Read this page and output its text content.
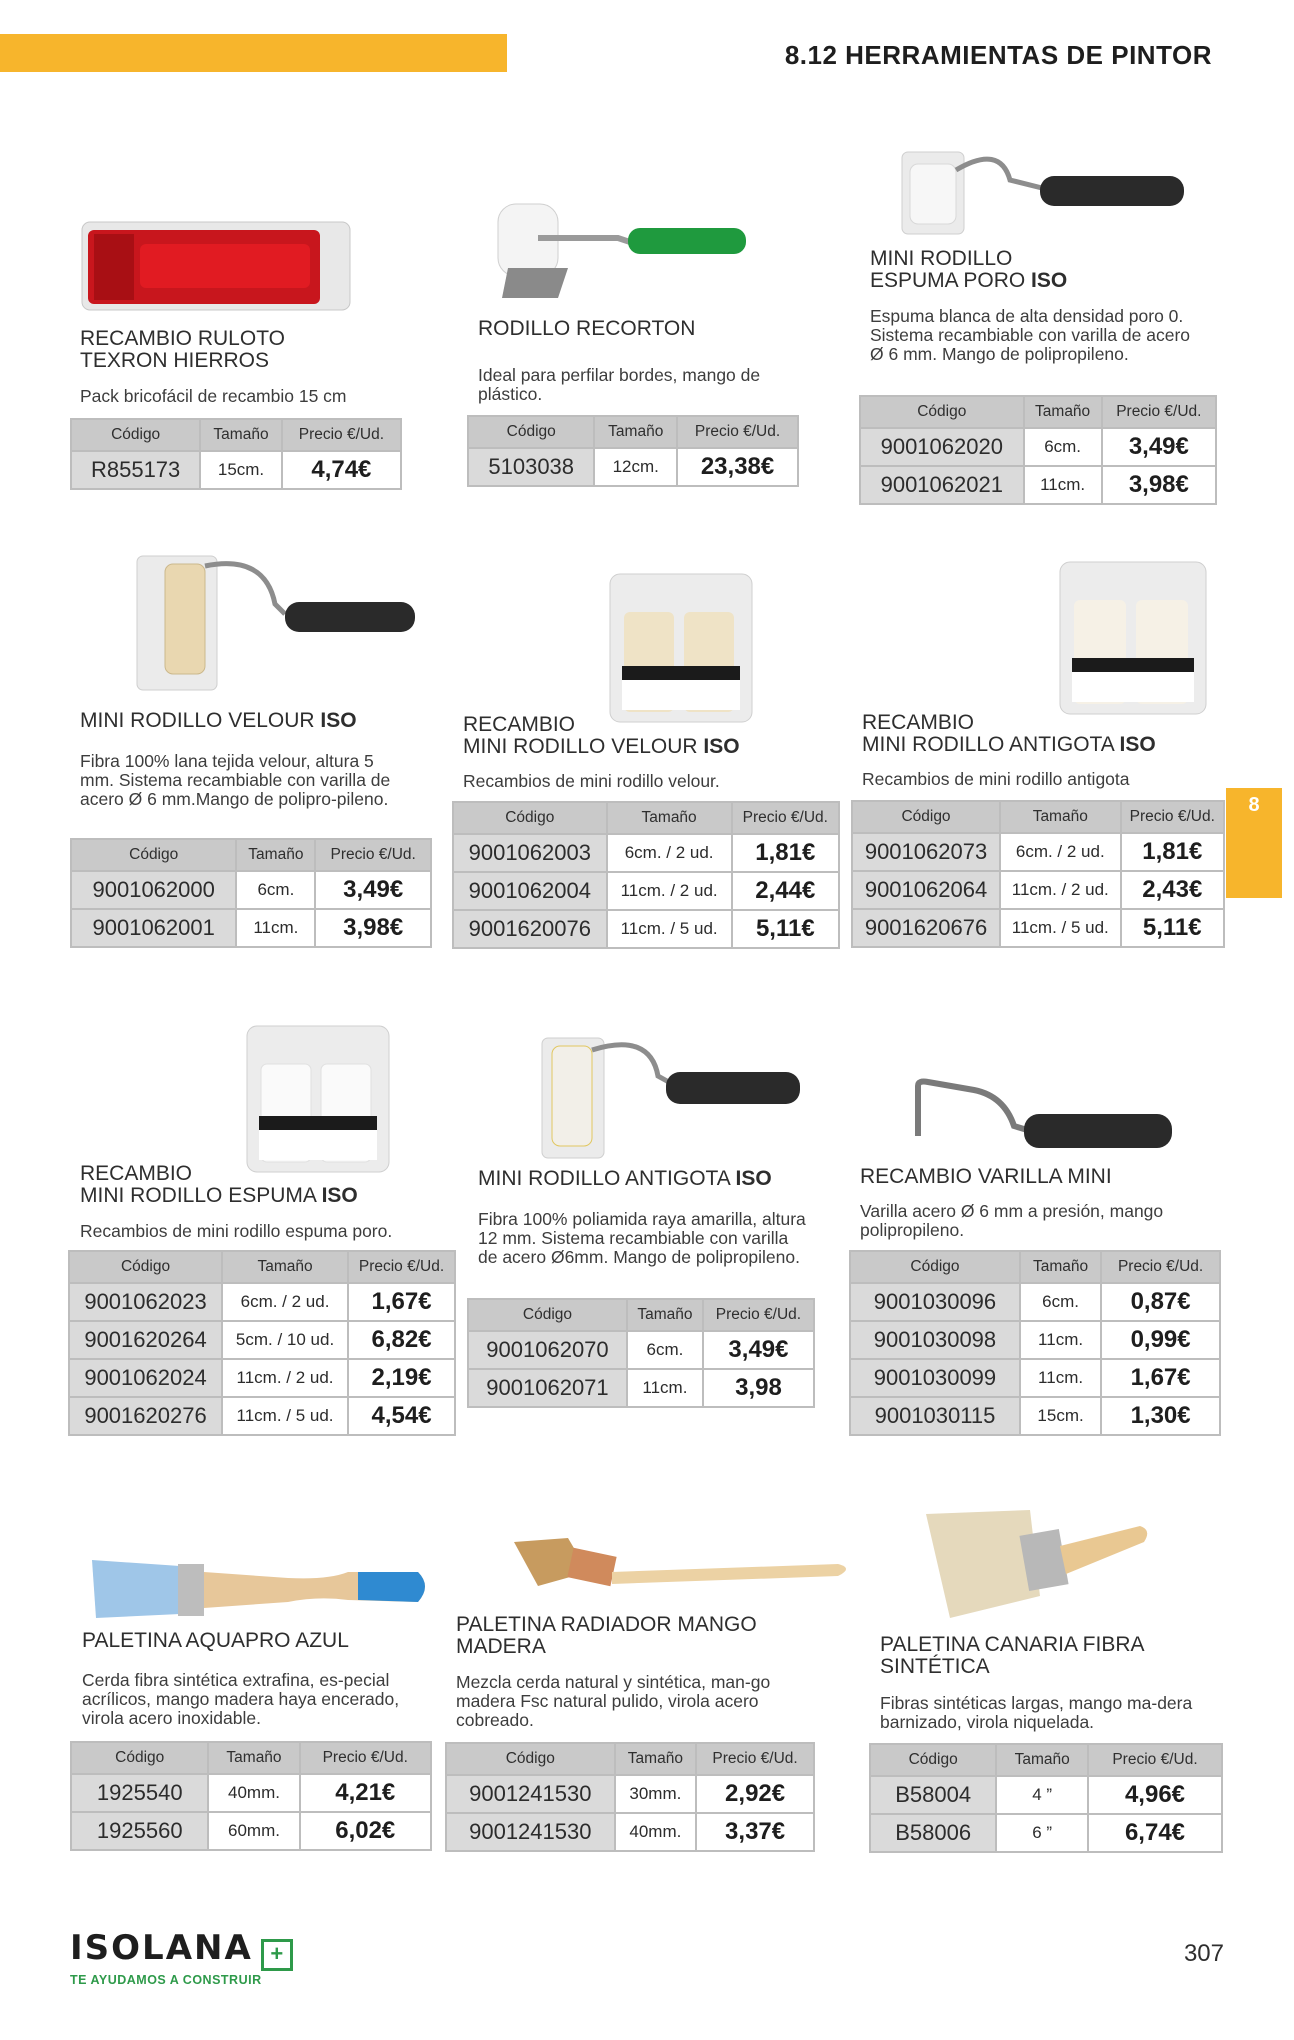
8.12 HERRAMIENTAS DE PINTOR
8
RECAMBIO RULOTO
TEXRON HIERROS
Pack bricofácil de recambio 15 cm
Código	Tamaño	Precio €/Ud.
R855173	15cm.	4,74€
RODILLO RECORTON
Ideal para perfilar bordes, mango de plástico.
Código	Tamaño	Precio €/Ud.
5103038	12cm.	23,38€
MINI RODILLO
ESPUMA PORO ISO
Espuma blanca de alta densidad poro 0. Sistema recambiable con varilla de acero Ø 6 mm. Mango de polipropileno.
Código	Tamaño	Precio €/Ud.
9001062020	6cm.	3,49€
9001062021	11cm.	3,98€
MINI RODILLO VELOUR ISO
Fibra 100% lana tejida velour, altura 5 mm. Sistema recambiable con varilla de acero Ø 6 mm.Mango de polipro-pileno.
Código	Tamaño	Precio €/Ud.
9001062000	6cm.	3,49€
9001062001	11cm.	3,98€
RECAMBIO
MINI RODILLO VELOUR ISO
Recambios de mini rodillo velour.
Código	Tamaño	Precio €/Ud.
9001062003	6cm. / 2 ud.	1,81€
9001062004	11cm. / 2 ud.	2,44€
9001620076	11cm. / 5 ud.	5,11€
RECAMBIO
MINI RODILLO ANTIGOTA ISO
Recambios de mini rodillo antigota
Código	Tamaño	Precio €/Ud.
9001062073	6cm. / 2 ud.	1,81€
9001062064	11cm. / 2 ud.	2,43€
9001620676	11cm. / 5 ud.	5,11€
RECAMBIO
MINI RODILLO ESPUMA ISO
Recambios de mini rodillo espuma poro.
Código	Tamaño	Precio €/Ud.
9001062023	6cm. / 2 ud.	1,67€
9001620264	5cm. / 10 ud.	6,82€
9001062024	11cm. / 2 ud.	2,19€
9001620276	11cm. / 5 ud.	4,54€
MINI RODILLO ANTIGOTA ISO
Fibra 100% poliamida raya amarilla, altura 12 mm. Sistema recambiable con varilla de acero Ø6mm. Mango de polipropileno.
Código	Tamaño	Precio €/Ud.
9001062070	6cm.	3,49€
9001062071	11cm.	3,98
RECAMBIO VARILLA MINI
Varilla acero Ø 6 mm a presión, mango polipropileno.
Código	Tamaño	Precio €/Ud.
9001030096	6cm.	0,87€
9001030098	11cm.	0,99€
9001030099	11cm.	1,67€
9001030115	15cm.	1,30€
PALETINA AQUAPRO AZUL
Cerda fibra sintética extrafina, es-pecial acrílicos, mango madera haya encerado, virola acero inoxidable.
Código	Tamaño	Precio €/Ud.
1925540	40mm.	4,21€
1925560	60mm.	6,02€
PALETINA RADIADOR MANGO
MADERA
Mezcla cerda natural y sintética, man-go madera Fsc natural pulido, virola acero cobreado.
Código	Tamaño	Precio €/Ud.
9001241530	30mm.	2,92€
9001241530	40mm.	3,37€
PALETINA CANARIA FIBRA
SINTÉTICA
Fibras sintéticas largas, mango ma-dera barnizado, virola niquelada.
Código	Tamaño	Precio €/Ud.
B58004	4 ”	4,96€
B58006	6 ”	6,74€
ISOLANA +
TE AYUDAMOS A CONSTRUIR
307
